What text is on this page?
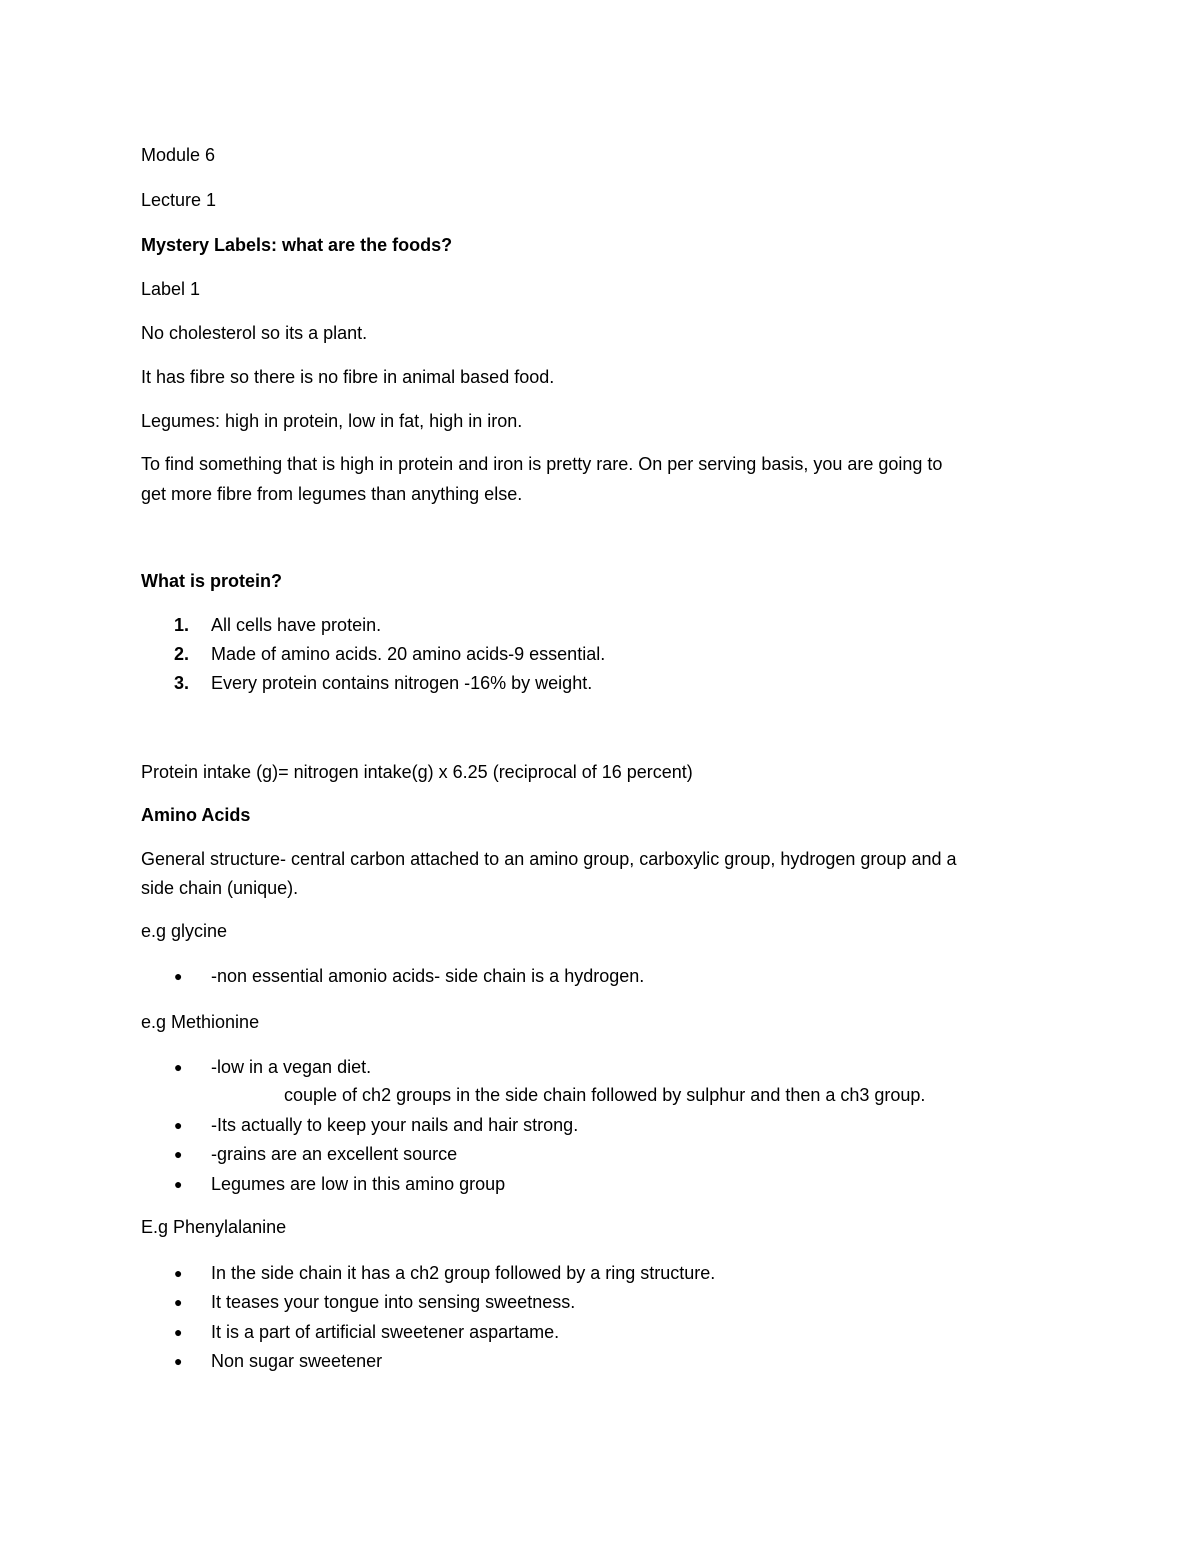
Module 6
Lecture 1
Mystery Labels: what are the foods?
Label 1
No cholesterol so its a plant.
It has fibre so there is no fibre in animal based food.
Legumes: high in protein, low in fat, high in iron.
To find something that is high in protein and iron is pretty rare. On per serving basis, you are going to
get more fibre from legumes than anything else.
What is protein?
1.	All cells have protein.
2.	Made of amino acids. 20 amino acids-9 essential.
3.	Every protein contains nitrogen -16% by weight.
Protein intake (g)= nitrogen intake(g) x 6.25 (reciprocal of 16 percent)
Amino Acids
General structure- central carbon attached to an amino group, carboxylic group, hydrogen group and a
side chain (unique).
e.g glycine
● -non essential amonio acids- side chain is a hydrogen.
e.g Methionine
● -low in a vegan diet.
couple of ch2 groups in the side chain followed by sulphur and then a ch3 group.
● -Its actually to keep your nails and hair strong.
● -grains are an excellent source
● Legumes are low in this amino group
E.g Phenylalanine
● In the side chain it has a ch2 group followed by a ring structure.
● It teases your tongue into sensing sweetness.
● It is a part of artificial sweetener aspartame.
● Non sugar sweetener
